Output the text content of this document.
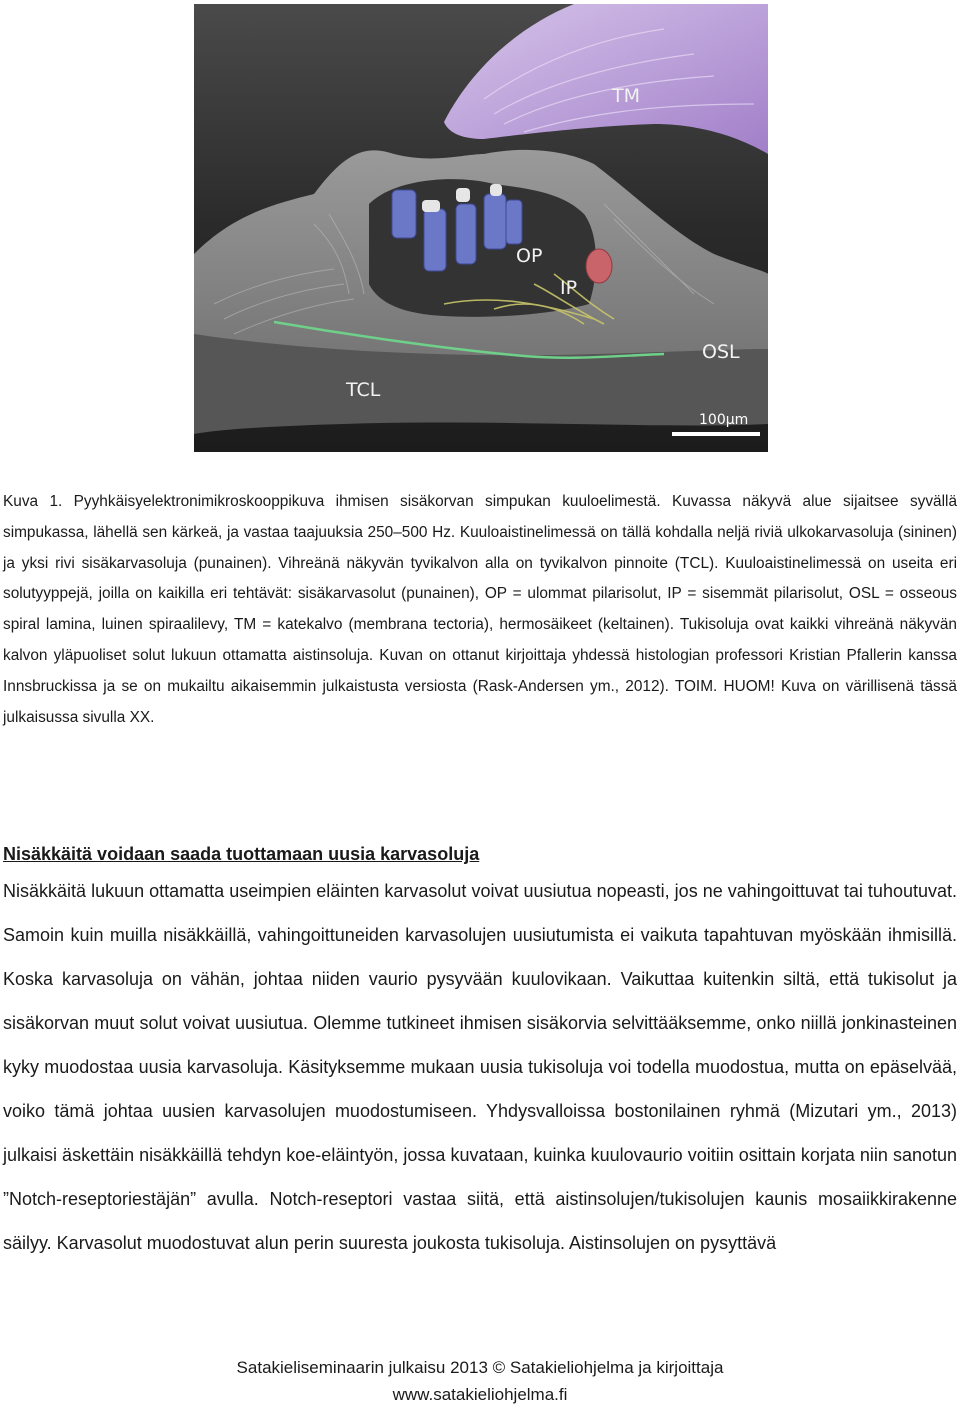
TM
OP
IP
OSL
TCL
100µm

Kuva 1. Pyyhkäisyelektronimikroskooppikuva ihmisen sisäkorvan simpukan kuuloelimestä. Kuvassa näkyvä alue sijaitsee syvällä simpukassa, lähellä sen kärkeä, ja vastaa taajuuksia 250–500 Hz. Kuuloaistinelimessä on tällä kohdalla neljä riviä ulkokarvasoluja (sininen) ja yksi rivi sisäkarvasoluja (punainen). Vihreänä näkyvän tyvikalvon alla on tyvikalvon pinnoite (TCL). Kuuloaistinelimessä on useita eri solutyyppejä, joilla on kaikilla eri tehtävät: sisäkarvasolut (punainen), OP = ulommat pilarisolut, IP = sisemmät pilarisolut, OSL = osseous spiral lamina, luinen spiraalilevy, TM = katekalvo (membrana tectoria), hermosäikeet (keltainen). Tukisoluja ovat kaikki vihreänä näkyvän kalvon yläpuoliset solut lukuun ottamatta aistinsoluja. Kuvan on ottanut kirjoittaja yhdessä histologian professori Kristian Pfallerin kanssa Innsbruckissa ja se on mukailtu aikaisemmin julkaistusta versiosta (Rask-Andersen ym., 2012). TOIM. HUOM! Kuva on värillisenä tässä julkaisussa sivulla XX.

Nisäkkäitä voidaan saada tuottamaan uusia karvasoluja

Nisäkkäitä lukuun ottamatta useimpien eläinten karvasolut voivat uusiutua nopeasti, jos ne vahingoittuvat tai tuhoutuvat. Samoin kuin muilla nisäkkäillä, vahingoittuneiden karvasolujen uusiutumista ei vaikuta tapahtuvan myöskään ihmisillä. Koska karvasoluja on vähän, johtaa niiden vaurio pysyvään kuulovikaan. Vaikuttaa kuitenkin siltä, että tukisolut ja sisäkorvan muut solut voivat uusiutua. Olemme tutkineet ihmisen sisäkorvia selvittääksemme, onko niillä jonkinasteinen kyky muodostaa uusia karvasoluja. Käsityksemme mukaan uusia tukisoluja voi todella muodostua, mutta on epäselvää, voiko tämä johtaa uusien karvasolujen muodostumiseen. Yhdysvalloissa bostonilainen ryhmä (Mizutari ym., 2013) julkaisi äskettäin nisäkkäillä tehdyn koe-eläintyön, jossa kuvataan, kuinka kuulovaurio voitiin osittain korjata niin sanotun ”Notch-reseptoriestäjän” avulla. Notch-reseptori vastaa siitä, että aistinsolujen/tukisolujen kaunis mosaiikkirakenne säilyy. Karvasolut muodostuvat alun perin suuresta joukosta tukisoluja. Aistinsolujen on pysyttävä

Satakieliseminaarin julkaisu 2013 © Satakieliohjelma ja kirjoittaja
www.satakieliohjelma.fi
